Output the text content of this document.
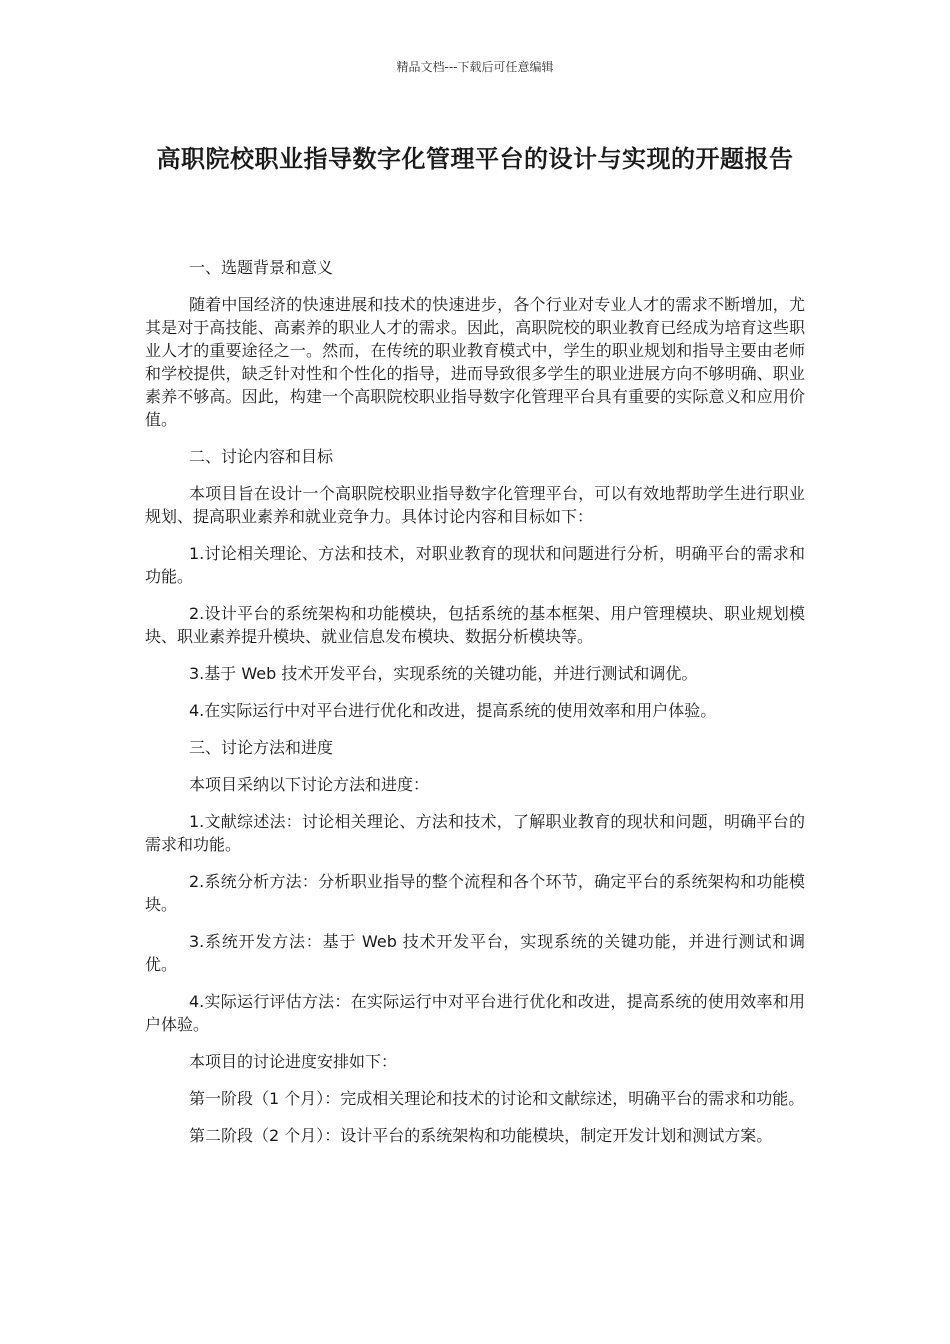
精品文档---下载后可任意编辑
高职院校职业指导数字化管理平台的设计与实现的开题报告

一、选题背景和意义

随着中国经济的快速进展和技术的快速进步，各个行业对专业人才的需求不断增加，尤其是对于高技能、高素养的职业人才的需求。因此，高职院校的职业教育已经成为培育这些职业人才的重要途径之一。然而，在传统的职业教育模式中，学生的职业规划和指导主要由老师和学校提供，缺乏针对性和个性化的指导，进而导致很多学生的职业进展方向不够明确、职业素养不够高。因此，构建一个高职院校职业指导数字化管理平台具有重要的实际意义和应用价值。

二、讨论内容和目标

本项目旨在设计一个高职院校职业指导数字化管理平台，可以有效地帮助学生进行职业规划、提高职业素养和就业竞争力。具体讨论内容和目标如下：

1.讨论相关理论、方法和技术，对职业教育的现状和问题进行分析，明确平台的需求和功能。

2.设计平台的系统架构和功能模块，包括系统的基本框架、用户管理模块、职业规划模块、职业素养提升模块、就业信息发布模块、数据分析模块等。

3.基于 Web 技术开发平台，实现系统的关键功能，并进行测试和调优。

4.在实际运行中对平台进行优化和改进，提高系统的使用效率和用户体验。

三、讨论方法和进度

本项目采纳以下讨论方法和进度：

1.文献综述法：讨论相关理论、方法和技术，了解职业教育的现状和问题，明确平台的需求和功能。

2.系统分析方法：分析职业指导的整个流程和各个环节，确定平台的系统架构和功能模块。

3.系统开发方法：基于 Web 技术开发平台，实现系统的关键功能，并进行测试和调优。

4.实际运行评估方法：在实际运行中对平台进行优化和改进，提高系统的使用效率和用户体验。

本项目的讨论进度安排如下：

第一阶段（1 个月）：完成相关理论和技术的讨论和文献综述，明确平台的需求和功能。

第二阶段（2 个月）：设计平台的系统架构和功能模块，制定开发计划和测试方案。
